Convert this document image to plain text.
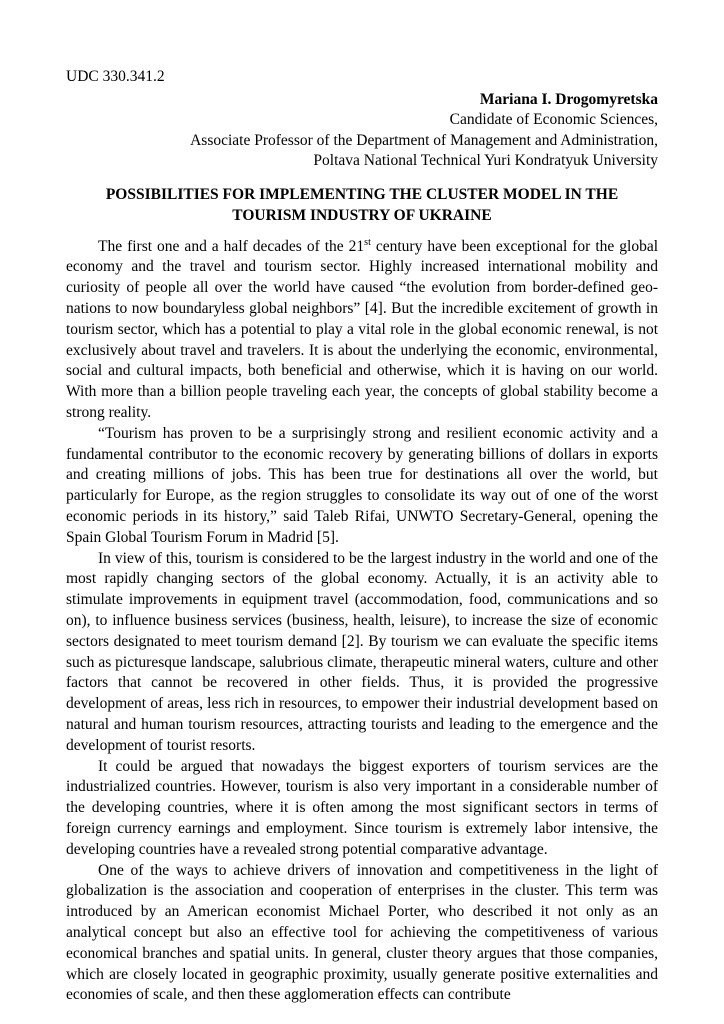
UDC 330.341.2
Mariana I. Drogomyretska
Candidate of Economic Sciences,
Associate Professor of the Department of Management and Administration,
Poltava National Technical Yuri Kondratyuk University
POSSIBILITIES FOR IMPLEMENTING THE CLUSTER MODEL IN THE TOURISM INDUSTRY OF UKRAINE

The first one and a half decades of the 21st century have been exceptional for the global economy and the travel and tourism sector. Highly increased international mobility and curiosity of people all over the world have caused “the evolution from border-defined geo-nations to now boundaryless global neighbors” [4]. But the incredible excitement of growth in tourism sector, which has a potential to play a vital role in the global economic renewal, is not exclusively about travel and travelers. It is about the underlying the economic, environmental, social and cultural impacts, both beneficial and otherwise, which it is having on our world. With more than a billion people traveling each year, the concepts of global stability become a strong reality.

“Tourism has proven to be a surprisingly strong and resilient economic activity and a fundamental contributor to the economic recovery by generating billions of dollars in exports and creating millions of jobs. This has been true for destinations all over the world, but particularly for Europe, as the region struggles to consolidate its way out of one of the worst economic periods in its history,” said Taleb Rifai, UNWTO Secretary-General, opening the Spain Global Tourism Forum in Madrid [5].

In view of this, tourism is considered to be the largest industry in the world and one of the most rapidly changing sectors of the global economy. Actually, it is an activity able to stimulate improvements in equipment travel (accommodation, food, communications and so on), to influence business services (business, health, leisure), to increase the size of economic sectors designated to meet tourism demand [2]. By tourism we can evaluate the specific items such as picturesque landscape, salubrious climate, therapeutic mineral waters, culture and other factors that cannot be recovered in other fields. Thus, it is provided the progressive development of areas, less rich in resources, to empower their industrial development based on natural and human tourism resources, attracting tourists and leading to the emergence and the development of tourist resorts.

It could be argued that nowadays the biggest exporters of tourism services are the industrialized countries. However, tourism is also very important in a considerable number of the developing countries, where it is often among the most significant sectors in terms of foreign currency earnings and employment. Since tourism is extremely labor intensive, the developing countries have a revealed strong potential comparative advantage.

One of the ways to achieve drivers of innovation and competitiveness in the light of globalization is the association and cooperation of enterprises in the cluster. This term was introduced by an American economist Michael Porter, who described it not only as an analytical concept but also an effective tool for achieving the competitiveness of various economical branches and spatial units. In general, cluster theory argues that those companies, which are closely located in geographic proximity, usually generate positive externalities and economies of scale, and then these agglomeration effects can contribute
